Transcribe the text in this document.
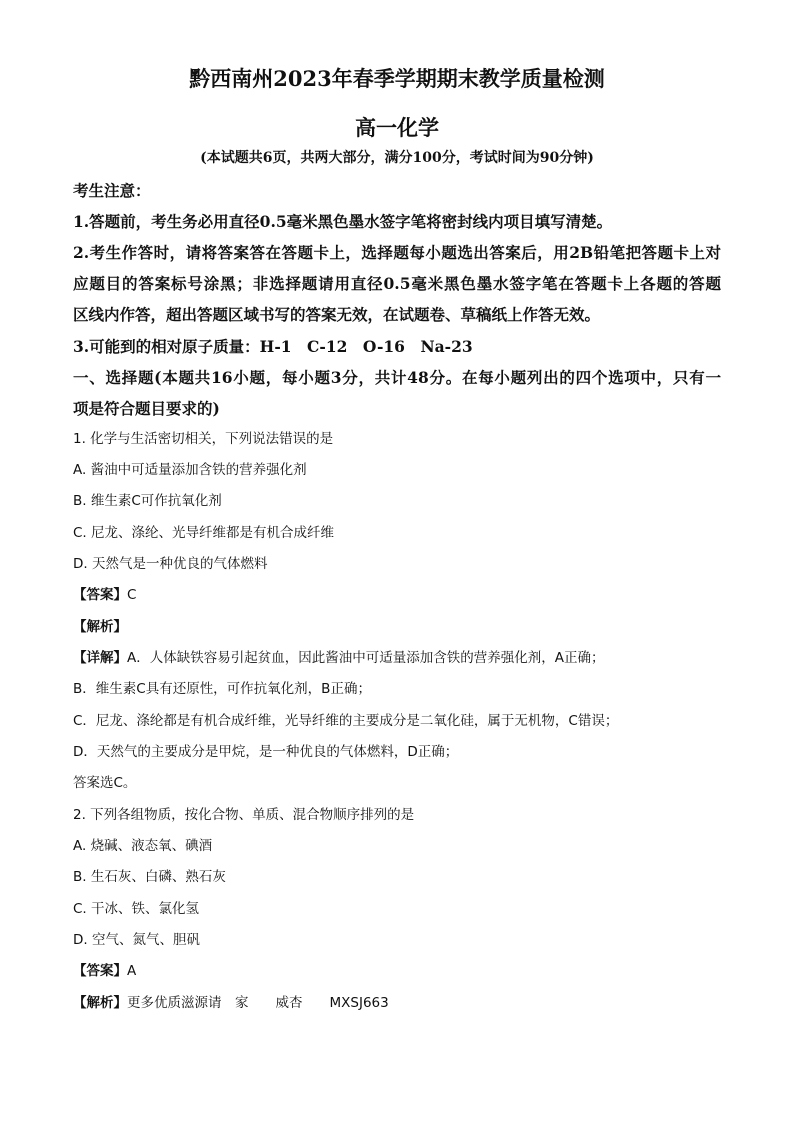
黔西南州2023年春季学期期末教学质量检测
高一化学
(本试题共6页，共两大部分，满分100分，考试时间为90分钟)
考生注意：
1.答题前，考生务必用直径0.5毫米黑色墨水签字笔将密封线内项目填写清楚。
2.考生作答时，请将答案答在答题卡上，选择题每小题选出答案后，用2B铅笔把答题卡上对
应题目的答案标号涂黑；非选择题请用直径0.5毫米黑色墨水签字笔在答题卡上各题的答题
区线内作答，超出答题区域书写的答案无效，在试题卷、草稿纸上作答无效。
3.可能到的相对原子质量：H-1　C-12　O-16　Na-23
一、选择题(本题共16小题，每小题3分，共计48分。在每小题列出的四个选项中，只有一
项是符合题目要求的)
1. 化学与生活密切相关，下列说法错误的是
A. 酱油中可适量添加含铁的营养强化剂
B. 维生素C可作抗氧化剂
C. 尼龙、涤纶、光导纤维都是有机合成纤维
D. 天然气是一种优良的气体燃料
【答案】C
【解析】
【详解】A．人体缺铁容易引起贫血，因此酱油中可适量添加含铁的营养强化剂，A正确；
B．维生素C具有还原性，可作抗氧化剂，B正确；
C．尼龙、涤纶都是有机合成纤维，光导纤维的主要成分是二氧化硅，属于无机物，C错误；
D．天然气的主要成分是甲烷，是一种优良的气体燃料，D正确；
答案选C。
2. 下列各组物质，按化合物、单质、混合物顺序排列的是
A. 烧碱、液态氧、碘酒
B. 生石灰、白磷、熟石灰
C. 干冰、铁、氯化氢
D. 空气、氮气、胆矾
【答案】A
【解析】更多优质滋源请　家　　威杏　　MXSJ663
